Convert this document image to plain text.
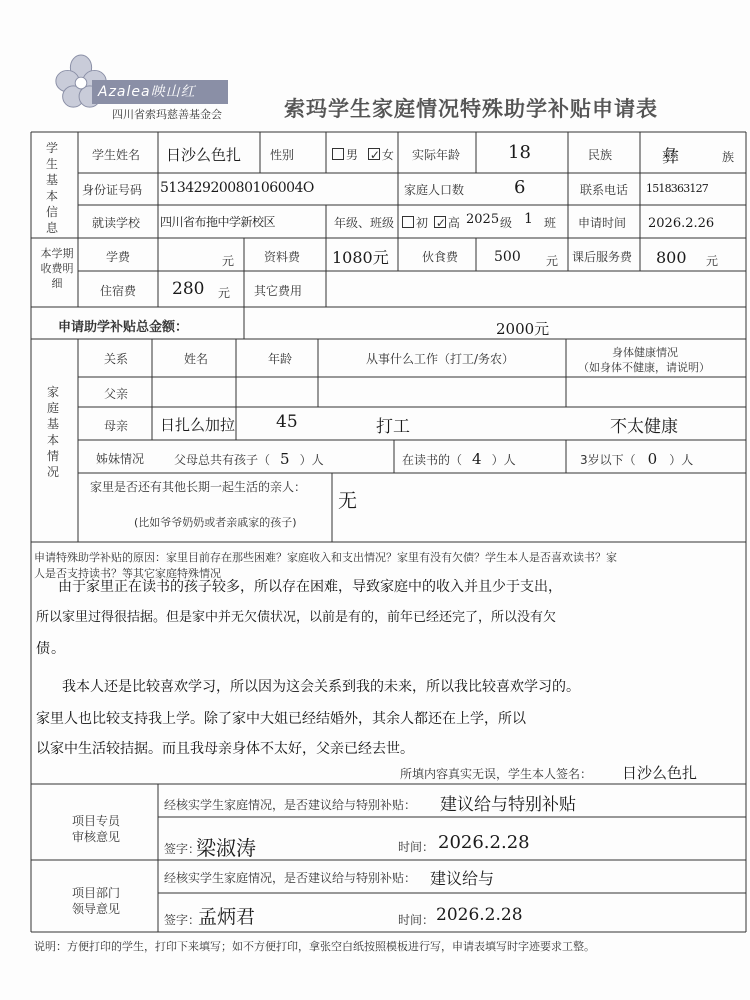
Azalea映山红
四川省索玛慈善基金会	索玛学生家庭情况特殊助学补贴申请表
学生基本信息
学生姓名 日沙么色扎 性别	男 ✓ 女 实际年龄	18	民族	彝	族
身份证号码 51342920080106004O	家庭人口数	6	联系电话 1518363127
就读学校 四川省布拖中学新校区	年级、班级	初 ✓ 高 2025 级 1 班 申请时间 2026.2.26
本学期收费明细
学费	元 资料费 1080元	伙食费	500 元 课后服务费 800 元
住宿费 280 元 其它费用
申请助学补贴总金额：	2000元
家庭基本情况
关系	姓名	年龄	从事什么工作（打工/务农）	身体健康情况
（如身体不健康，请说明）
父亲
母亲 日扎么加拉 45	打工	不太健康
姊妹情况 父母总共有孩子（ 5 ）人	在读书的（ 4 ）人	3岁以下（ 0 ）人
家里是否还有其他长期一起生活的亲人：
(比如爷爷奶奶或者亲戚家的孩子)
无
申请特殊助学补贴的原因：家里目前存在那些困难？家庭收入和支出情况？家里有没有欠债？学生本人是否喜欢读书？家
人是否支持读书？等其它家庭特殊情况
由于家里正在读书的孩子较多，所以存在困难，导致家庭中的收入并且少于支出，
所以家里过得很拮据。但是家中并无欠债状况，以前是有的，前年已经还完了，所以没有欠
债。
我本人还是比较喜欢学习，所以因为这会关系到我的未来，所以我比较喜欢学习的。
家里人也比较支持我上学。除了家中大姐已经结婚外，其余人都还在上学，所以
以家中生活较拮据。而且我母亲身体不太好，父亲已经去世。
所填内容真实无误，学生本人签名： 日沙么色扎
项目专员
审核意见
经核实学生家庭情况，是否建议给与特别补贴： 建议给与特别补贴
签字：
梁淑涛	时间： 2026.2.28
项目部门
领导意见
经核实学生家庭情况，是否建议给与特别补贴： 建议给与
签字：
孟炳君	时间： 2026.2.28
说明：方便打印的学生，打印下来填写；如不方便打印，拿张空白纸按照模板进行写，申请表填写时字迹要求工整。
